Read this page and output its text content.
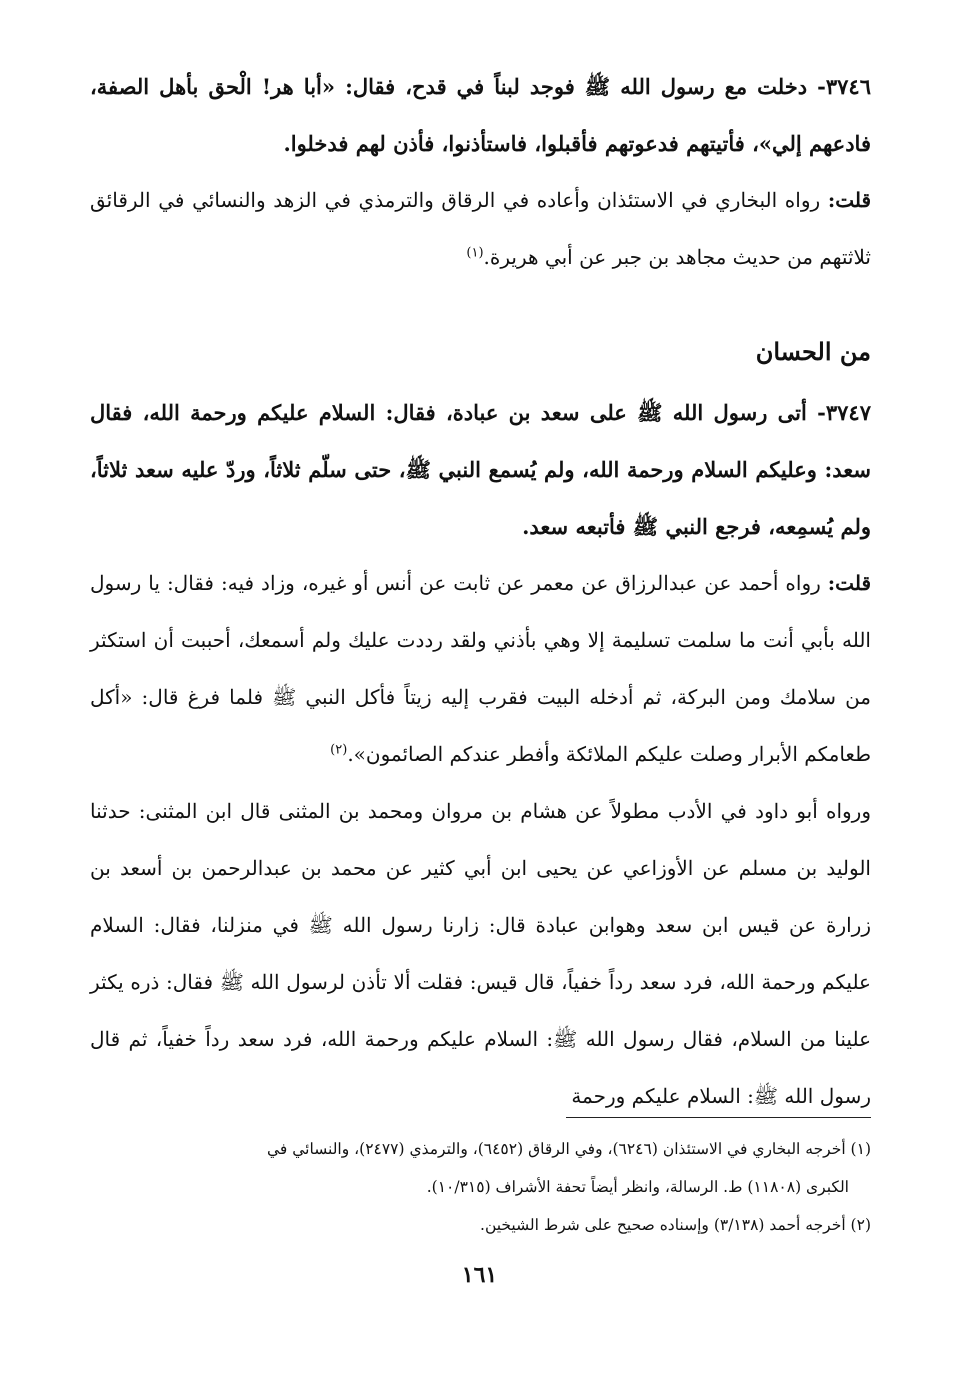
٣٧٤٦- دخلت مع رسول الله ﷺ فوجد لبناً في قدح، فقال: «أبا هر! الْحق بأهل الصفة، فادعهم إلي»، فأتيتهم فدعوتهم فأقبلوا، فاستأذنوا، فأذن لهم فدخلوا.

قلت: رواه البخاري في الاستئذان وأعاده في الرقاق والترمذي في الزهد والنسائي في الرقائق ثلاثتهم من حديث مجاهد بن جبر عن أبي هريرة.$^{(١)}$

من الحسان

٣٧٤٧- أتى رسول الله ﷺ على سعد بن عبادة، فقال: السلام عليكم ورحمة الله، فقال سعد: وعليكم السلام ورحمة الله، ولم يُسمع النبي ﷺ، حتى سلّم ثلاثاً، وردّ عليه سعد ثلاثاً، ولم يُسمِعه، فرجع النبي ﷺ فأتبعه سعد.

قلت: رواه أحمد عن عبدالرزاق عن معمر عن ثابت عن أنس أو غيره، وزاد فيه: فقال: يا رسول الله بأبي أنت ما سلمت تسليمة إلا وهي بأذني ولقد رددت عليك ولم أسمعك، أحببت أن استكثر من سلامك ومن البركة، ثم أدخله البيت فقرب إليه زيتاً فأكل النبي ﷺ فلما فرغ قال: «أكل طعامكم الأبرار وصلت عليكم الملائكة وأفطر عندكم الصائمون».$^{(٢)}$

ورواه أبو داود في الأدب مطولاً عن هشام بن مروان ومحمد بن المثنى قال ابن المثنى: حدثنا الوليد بن مسلم عن الأوزاعي عن يحيى ابن أبي كثير عن محمد بن عبدالرحمن بن أسعد بن زرارة عن قيس ابن سعد وهوابن عبادة قال: زارنا رسول الله ﷺ في منزلنا، فقال: السلام عليكم ورحمة الله، فرد سعد رداً خفياً، قال قيس: فقلت ألا تأذن لرسول الله ﷺ فقال: ذره يكثر علينا من السلام، فقال رسول الله ﷺ: السلام عليكم ورحمة الله، فرد سعد رداً خفياً، ثم قال رسول الله ﷺ: السلام عليكم ورحمة

(١) أخرجه البخاري في الاستئذان (٦٢٤٦)، وفي الرقاق (٦٤٥٢)، والترمذي (٢٤٧٧)، والنسائي في

الكبرى (١١٨٠٨) ط. الرسالة، وانظر أيضاً تحفة الأشراف (١٠/٣١٥).

(٢) أخرجه أحمد (٣/١٣٨) وإسناده صحيح على شرط الشيخين.

١٦١
